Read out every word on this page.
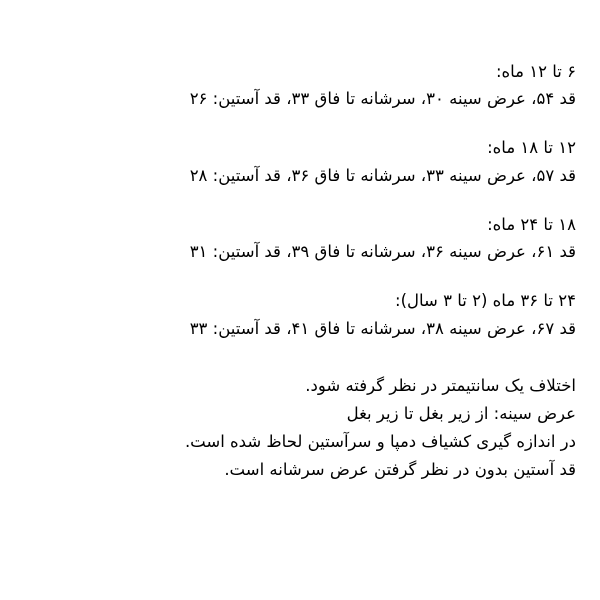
۶ تا ۱۲ ماه:

قد ۵۴، عرض سینه ۳۰، سرشانه تا فاق ۳۳، قد آستین: ۲۶

۱۲ تا ۱۸ ماه:

قد ۵۷، عرض سینه ۳۳، سرشانه تا فاق ۳۶، قد آستین: ۲۸

۱۸ تا ۲۴ ماه:

قد ۶۱، عرض سینه ۳۶، سرشانه تا فاق ۳۹، قد آستین: ۳۱

۲۴ تا ۳۶ ماه (۲ تا ۳ سال):

قد ۶۷، عرض سینه ۳۸، سرشانه تا فاق ۴۱، قد آستین: ۳۳

اختلاف یک سانتیمتر در نظر گرفته شود.

عرض سینه: از زیر بغل تا زیر بغل

در اندازه گیری کشیاف دمپا و سرآستین لحاظ شده است.

قد آستین بدون در نظر گرفتن عرض سرشانه است.
